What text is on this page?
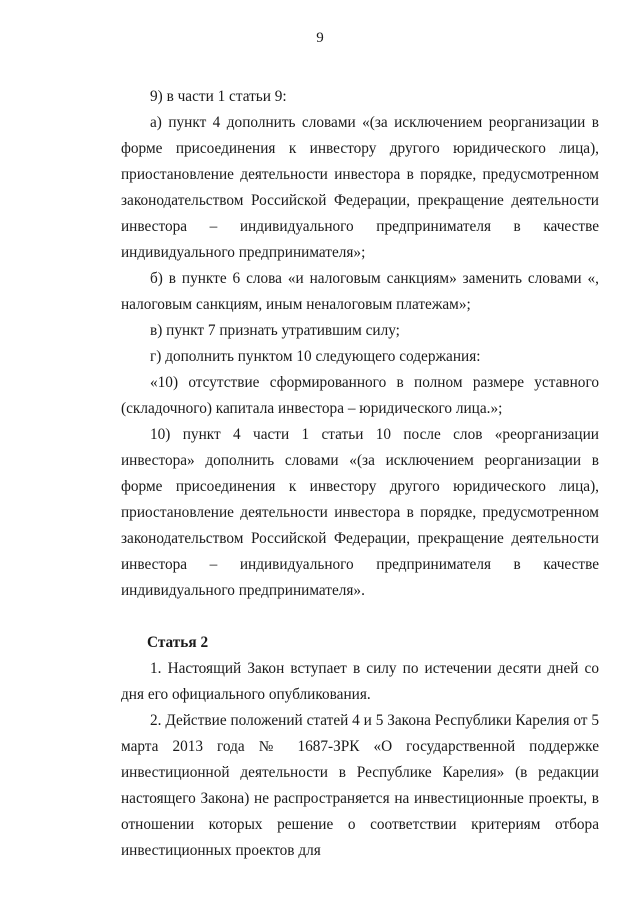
9

9) в части 1 статьи 9:

а) пункт 4 дополнить словами «(за исключением реорганизации в форме присоединения к инвестору другого юридического лица), приостановление деятельности инвестора в порядке, предусмотренном законодательством Российской Федерации, прекращение деятельности инвестора – индивидуального предпринимателя в качестве индивидуального предпринимателя»;

б) в пункте 6 слова «и налоговым санкциям» заменить словами «, налоговым санкциям, иным неналоговым платежам»;

в) пункт 7 признать утратившим силу;

г) дополнить пунктом 10 следующего содержания:

«10) отсутствие сформированного в полном размере уставного (складочного) капитала инвестора – юридического лица.»;

10) пункт 4 части 1 статьи 10 после слов «реорганизации инвестора» дополнить словами «(за исключением реорганизации в форме присоединения к инвестору другого юридического лица), приостановление деятельности инвестора в порядке, предусмотренном законодательством Российской Федерации, прекращение деятельности инвестора – индивидуального предпринимателя в качестве индивидуального предпринимателя».

Статья 2

1. Настоящий Закон вступает в силу по истечении десяти дней со дня его официального опубликования.

2. Действие положений статей 4 и 5 Закона Республики Карелия от 5 марта 2013 года № 1687-ЗРК «О государственной поддержке инвестиционной деятельности в Республике Карелия» (в редакции настоящего Закона) не распространяется на инвестиционные проекты, в отношении которых решение о соответствии критериям отбора инвестиционных проектов для
